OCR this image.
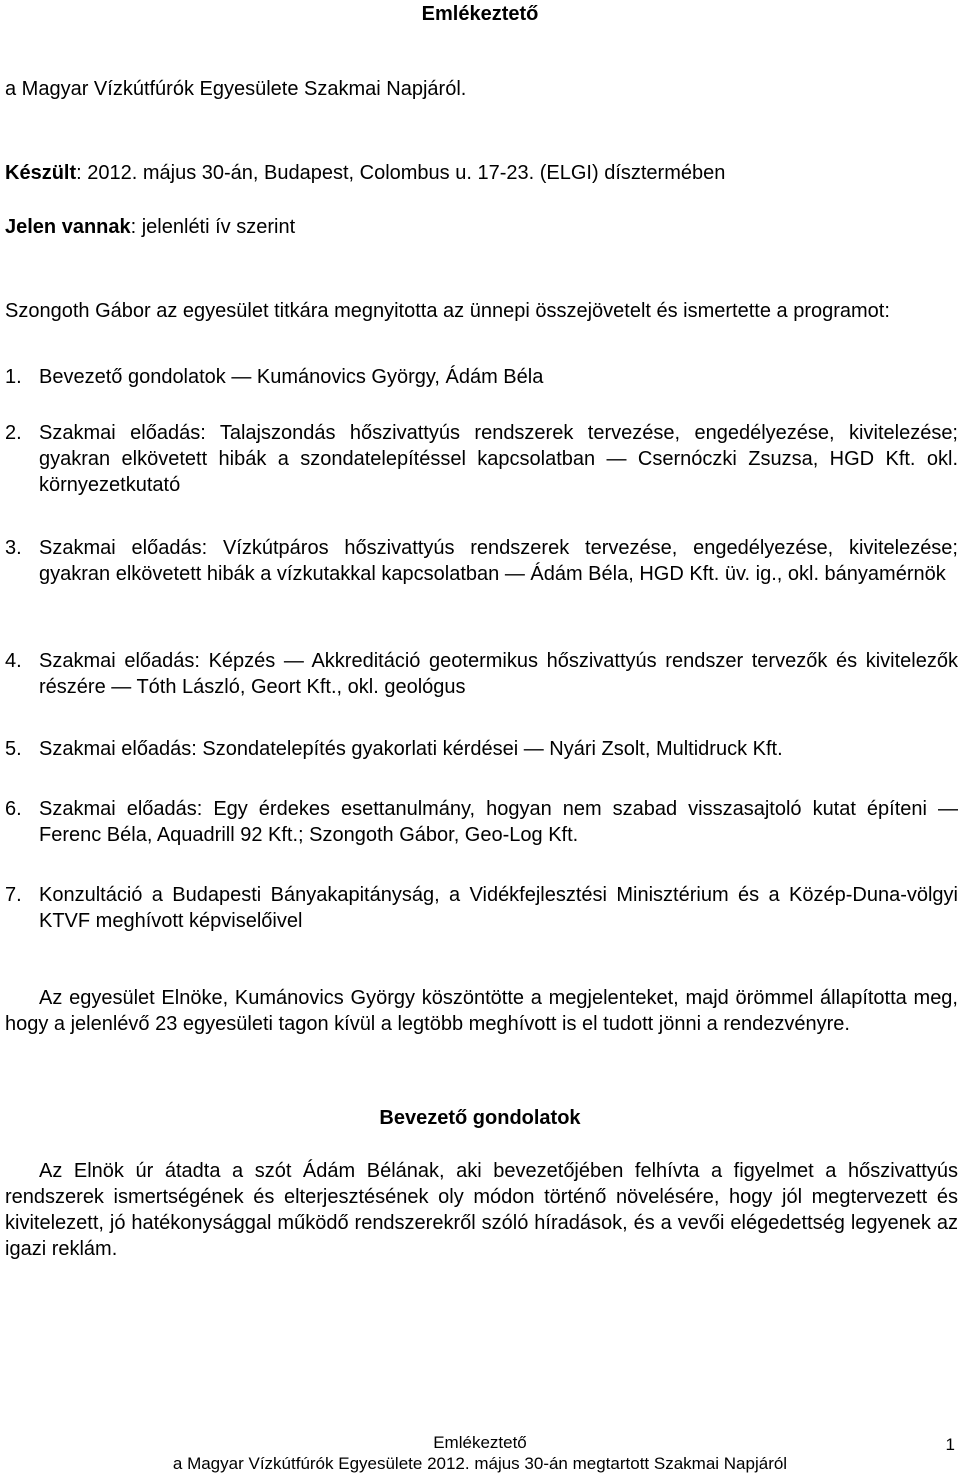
Emlékeztető
a Magyar Vízkútfúrók Egyesülete Szakmai Napjáról.
Készült: 2012. május 30-án, Budapest, Colombus u. 17-23. (ELGI) dísztermében
Jelen vannak: jelenléti ív szerint
Szongoth Gábor az egyesület titkára megnyitotta az ünnepi összejövetelt és ismertette a programot:
1. Bevezető gondolatok — Kumánovics György, Ádám Béla
2. Szakmai előadás: Talajszondás hőszivattyús rendszerek tervezése, engedélyezése, kivitelezése; gyakran elkövetett hibák a szondatelepítéssel kapcsolatban — Csernóczki Zsuzsa, HGD Kft. okl. környezetkutató
3. Szakmai előadás: Vízkútpáros hőszivattyús rendszerek tervezése, engedélyezése, kivitelezése; gyakran elkövetett hibák a vízkutakkal kapcsolatban — Ádám Béla, HGD Kft. üv. ig., okl. bányamérnök
4. Szakmai előadás: Képzés — Akkreditáció geotermikus hőszivattyús rendszer tervezők és kivitelezők részére — Tóth László, Geort Kft., okl. geológus
5. Szakmai előadás: Szondatelepítés gyakorlati kérdései — Nyári Zsolt, Multidruck Kft.
6. Szakmai előadás: Egy érdekes esettanulmány, hogyan nem szabad visszasajtoló kutat építeni — Ferenc Béla, Aquadrill 92 Kft.; Szongoth Gábor, Geo-Log Kft.
7. Konzultáció a Budapesti Bányakapitányság, a Vidékfejlesztési Minisztérium és a Közép-Duna-völgyi KTVF meghívott képviselőivel
Az egyesület Elnöke, Kumánovics György köszöntötte a megjelenteket, majd örömmel állapította meg, hogy a jelenlévő 23 egyesületi tagon kívül a legtöbb meghívott is el tudott jönni a rendezvényre.
Bevezető gondolatok
Az Elnök úr átadta a szót Ádám Bélának, aki bevezetőjében felhívta a figyelmet a hőszivattyús rendszerek ismertségének és elterjesztésének oly módon történő növelésére, hogy jól megtervezett és kivitelezett, jó hatékonysággal működő rendszerekről szóló híradások, és a vevői elégedettség legyenek az igazi reklám.
Emlékeztető
a Magyar Vízkútfúrók Egyesülete 2012. május 30-án megtartott Szakmai Napjáról
1
